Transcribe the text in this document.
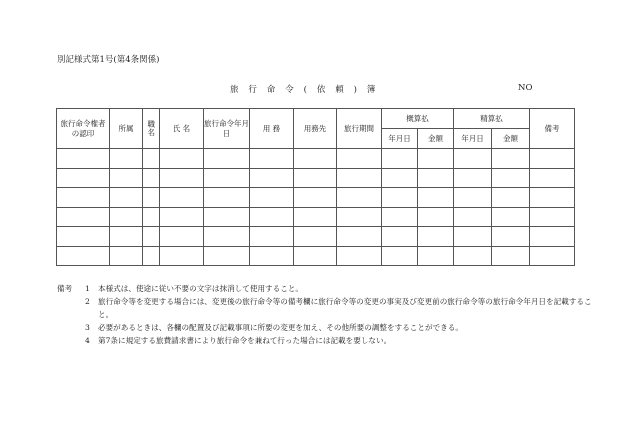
別記様式第1号(第4条関係)
旅 行 命 令 ( 依 頼 ) 簿	NO
旅行命令権者の認印	所属	職名	氏 名	旅行命令年月日	用 務	用務先	旅行期間	概算払		精算払		備考
								年月日	金額	年月日	金額	

備考 1 本様式は、使途に従い不要の文字は抹消して使用すること。
2 旅行命令等を変更する場合には、変更後の旅行命令等の備考欄に旅行命令等の変更の事実及び変更前の旅行命令等の旅行命令年月日を記載すること。
3 必要があるときは、各欄の配置及び記載事項に所要の変更を加え、その他所要の調整をすることができる。
4 第7条に規定する旅費請求書により旅行命令を兼ねて行った場合には記載を要しない。
